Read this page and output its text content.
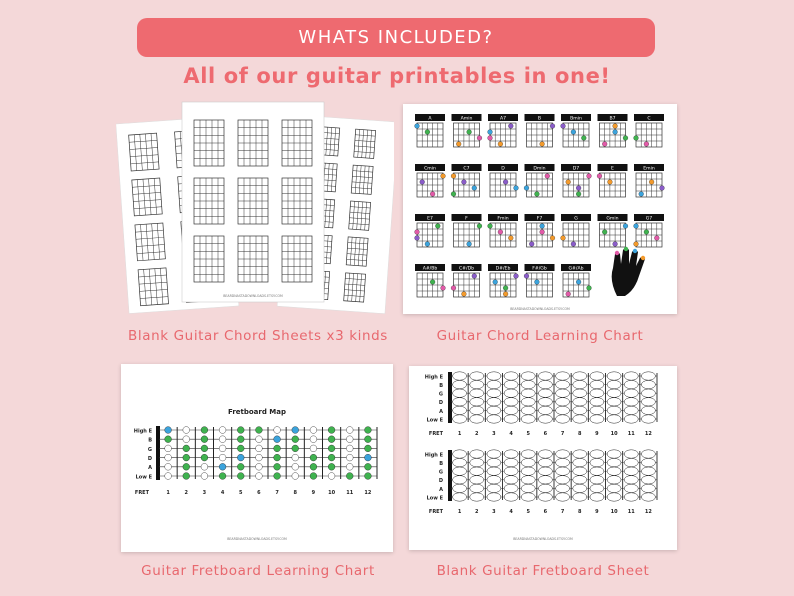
WHATS INCLUDED?
All of our guitar printables in one!
BEARDNASTADOWNLOADS.ETSY.COM
Blank Guitar Chord Sheets x3 kinds
A	Amin	A7	B	Bmin	B7	C
Cmin	C7	D	Dmin	D7	E	Emin
E7	F	Fmin	F7	G	Gmin	G7
A#/Bb	C#/Db	D#/Eb	F#/Gb	G#/Ab
BEARDNASTADOWNLOADS.ETSY.COM
Guitar Chord Learning Chart
Fretboard Map
High E
B
G
D
A
Low E
1	2	3	4	5	6	7	8	9	10 11 12
FRET
BEARDNASTADOWNLOADS.ETSY.COM
Guitar Fretboard Learning Chart
High E
B
G
D
A
Low E
1	2	3	4	5	6	7	8	9 10 11 12
FRET
High E
B
G
D
A
Low E
1	2	3	4	5	6	7	8	9 10 11 12
FRET
BEARDNASTADOWNLOADS.ETSY.COM
Blank Guitar Fretboard Sheet
